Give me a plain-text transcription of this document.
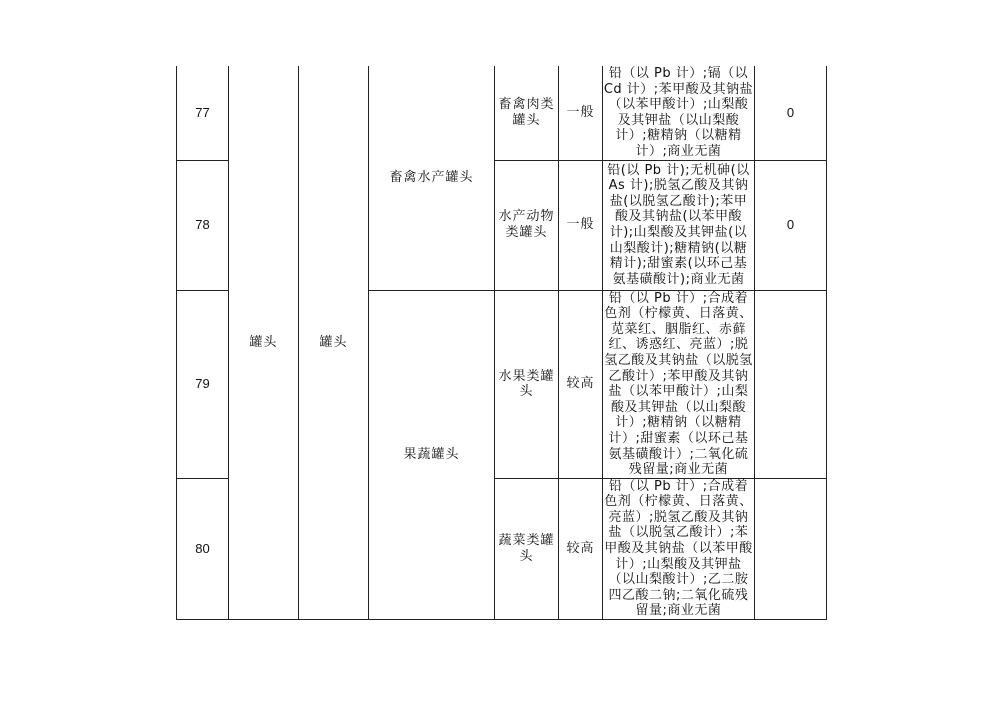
77	罐头	罐头	畜禽水产罐头	畜禽肉类罐头	一般	铅（以 Pb 计）;镉（以 Cd 计）;苯甲酸及其钠盐（以苯甲酸计）;山梨酸及其钾盐（以山梨酸计）;糖精钠（以糖精计）;商业无菌	0
78				水产动物类罐头	一般	铅(以 Pb 计);无机砷(以 As 计);脱氢乙酸及其钠盐(以脱氢乙酸计);苯甲酸及其钠盐(以苯甲酸计);山梨酸及其钾盐(以山梨酸计);糖精钠(以糖精计);甜蜜素(以环己基氨基磺酸计);商业无菌	0
79			果蔬罐头	水果类罐头	较高	铅（以 Pb 计）;合成着色剂（柠檬黄、日落黄、苋菜红、胭脂红、赤藓红、诱惑红、亮蓝）;脱氢乙酸及其钠盐（以脱氢乙酸计）;苯甲酸及其钠盐（以苯甲酸计）;山梨酸及其钾盐（以山梨酸计）;糖精钠（以糖精计）;甜蜜素（以环己基氨基磺酸计）;二氧化硫残留量;商业无菌	
80				蔬菜类罐头	较高	铅（以 Pb 计）;合成着色剂（柠檬黄、日落黄、亮蓝）;脱氢乙酸及其钠盐（以脱氢乙酸计）;苯甲酸及其钠盐（以苯甲酸计）;山梨酸及其钾盐（以山梨酸计）;乙二胺四乙酸二钠;二氧化硫残留量;商业无菌	
